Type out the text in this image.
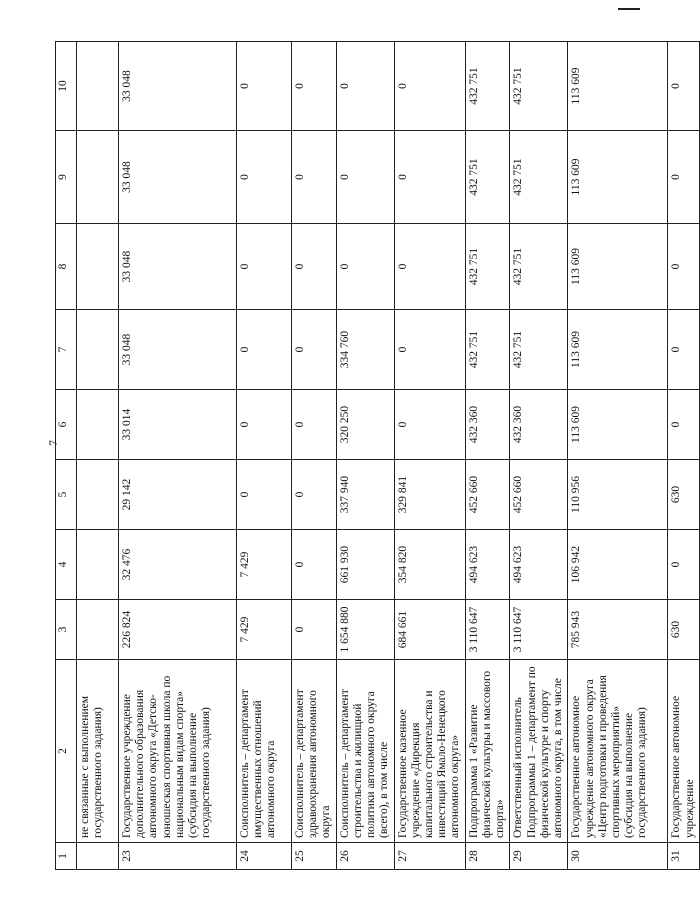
7
1	2	3	4	5	6	7	8	9	10
	не связанные с выполнением государственного задания)								
23	Государственное учреждение дополнительного образования автономного округа «Детско-юношеская спортивная школа по национальным видам спорта» (субсидия на выполнение государственного задания)	226 824	32 476	29 142	33 014	33 048	33 048	33 048	33 048
24	Соисполнитель – департамент имущественных отношений автономного округа	7 429	7 429	0	0	0	0	0	0
25	Соисполнитель – департамент здравоохранения автономного округа	0	0	0	0	0	0	0	0
26	Соисполнитель – департамент строительства и жилищной политики автономного округа (всего), в том числе	1 654 880	661 930	337 940	320 250	334 760	0	0	0
27	Государственное казенное учреждение «Дирекция капитального строительства и инвестиций Ямало-Ненецкого автономного округа»	684 661	354 820	329 841	0	0	0	0	0
28	Подпрограмма 1 «Развитие физической культуры и массового спорта»	3 110 647	494 623	452 660	432 360	432 751	432 751	432 751	432 751
29	Ответственный исполнитель Подпрограммы 1 – департамент по физической культуре и спорту автономного округа, в том числе	3 110 647	494 623	452 660	432 360	432 751	432 751	432 751	432 751
30	Государственное автономное учреждение автономного округа «Центр подготовки и проведения спортивных мероприятий» (субсидия на выполнение государственного задания)	785 943	106 942	110 956	113 609	113 609	113 609	113 609	113 609
31	Государственное автономное учреждение	630	0	630	0	0	0	0	0
